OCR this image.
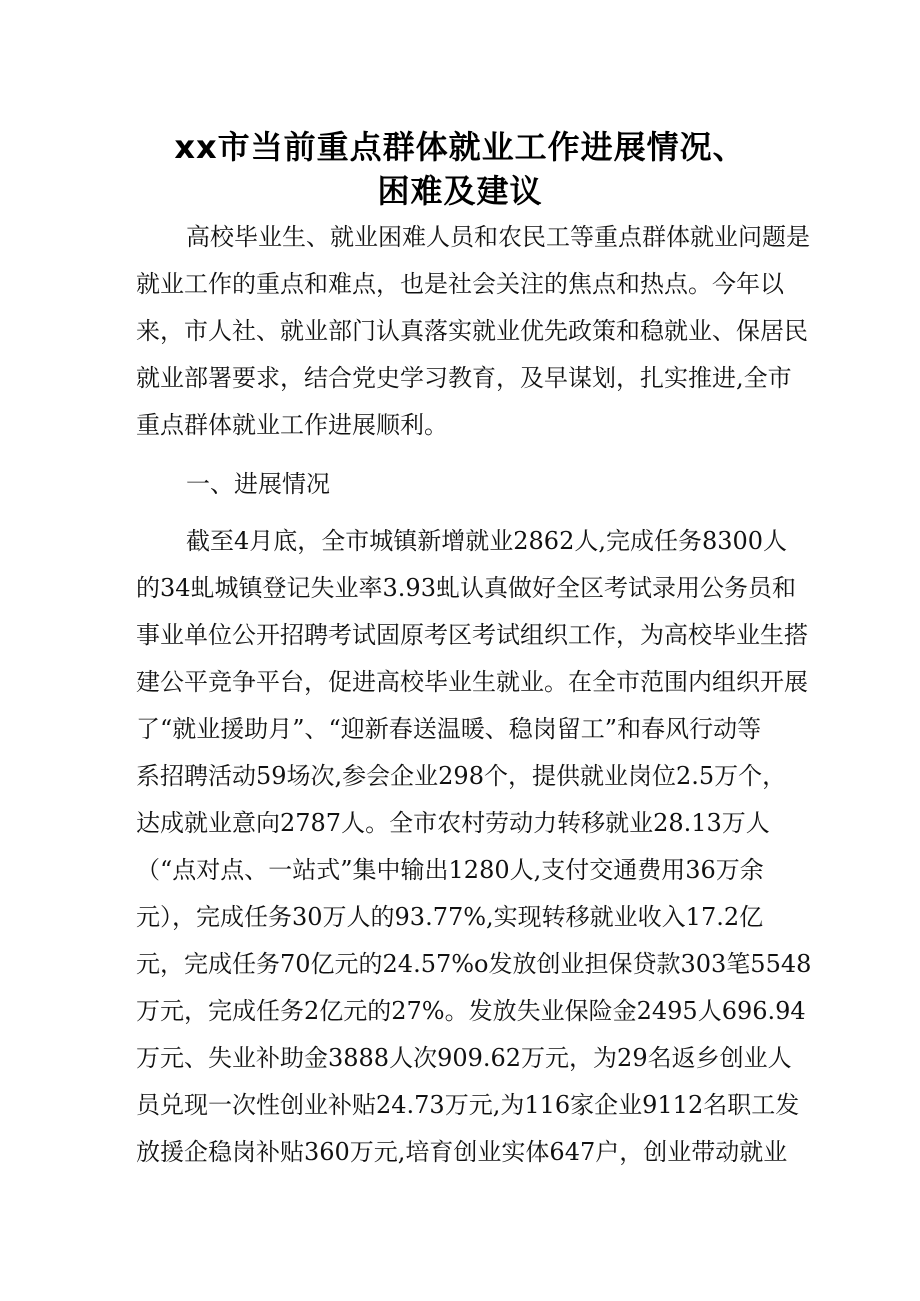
xx市当前重点群体就业工作进展情况、
困难及建议
高校毕业生、就业困难人员和农民工等重点群体就业问题是
就业工作的重点和难点，也是社会关注的焦点和热点。今年以
来，市人社、就业部门认真落实就业优先政策和稳就业、保居民
就业部署要求，结合党史学习教育，及早谋划，扎实推进,全市
重点群体就业工作进展顺利。
一、进展情况
截至4月底，全市城镇新增就业2862人,完成任务8300人
的34虬城镇登记失业率3.93虬认真做好全区考试录用公务员和
事业单位公开招聘考试固原考区考试组织工作，为高校毕业生搭
建公平竞争平台，促进高校毕业生就业。在全市范围内组织开展
了“就业援助月”、“迎新春送温暖、稳岗留工”和春风行动等
系招聘活动59场次,参会企业298个，提供就业岗位2.5万个，
达成就业意向2787人。全市农村劳动力转移就业28.13万人
（“点对点、一站式”集中输出1280人,支付交通费用36万余
元），完成任务30万人的93.77%,实现转移就业收入17.2亿
元，完成任务70亿元的24.57%o发放创业担保贷款303笔5548
万元，完成任务2亿元的27%。发放失业保险金2495人696.94
万元、失业补助金3888人次909.62万元，为29名返乡创业人
员兑现一次性创业补贴24.73万元,为116家企业9112名职工发
放援企稳岗补贴360万元,培育创业实体647户，创业带动就业
